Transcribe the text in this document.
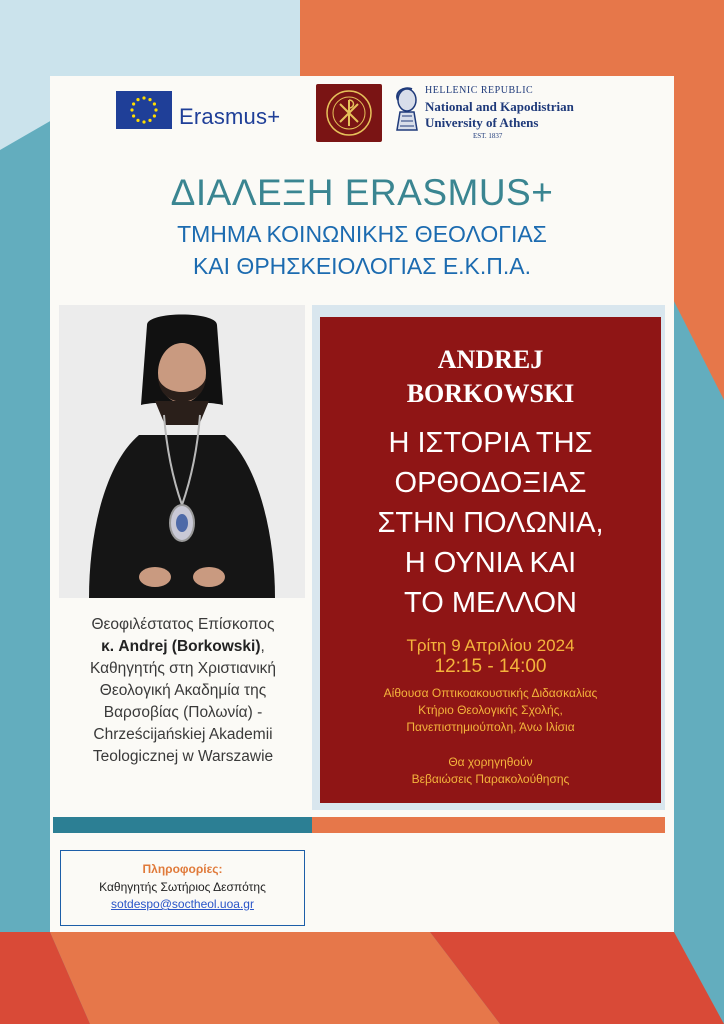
Erasmus+
HELLENIC REPUBLIC
National and Kapodistrian
University of Athens
EST. 1837
ΔΙΑΛΕΞΗ ERASMUS+
ΤΜΗΜΑ ΚΟΙΝΩΝΙΚΗΣ ΘΕΟΛΟΓΙΑΣ
ΚΑΙ ΘΡΗΣΚΕΙΟΛΟΓΙΑΣ Ε.Κ.Π.Α.
Θεοφιλέστατος Επίσκοπος
κ. Andrej (Borkowski),
Καθηγητής στη Χριστιανική
Θεολογική Ακαδημία της
Βαρσοβίας (Πολωνία) -
Chrześcijańskiej Akademii
Teologicznej w Warszawie
ANDREJ
BORKOWSKI
Η ΙΣΤΟΡΙΑ ΤΗΣ
ΟΡΘΟΔΟΞΙΑΣ
ΣΤΗΝ ΠΟΛΩΝΙΑ,
Η ΟΥΝΙΑ ΚΑΙ
ΤΟ ΜΕΛΛΟΝ
Τρίτη 9 Απριλίου 2024
12:15 - 14:00
Αίθουσα Οπτικοακουστικής Διδασκαλίας
Κτήριο Θεολογικής Σχολής,
Πανεπιστημιούπολη, Άνω Ιλίσια
Θα χορηγηθούν
Βεβαιώσεις Παρακολούθησης
Πληροφορίες:
Καθηγητής Σωτήριος Δεσπότης
sotdespo@soctheol.uoa.gr
